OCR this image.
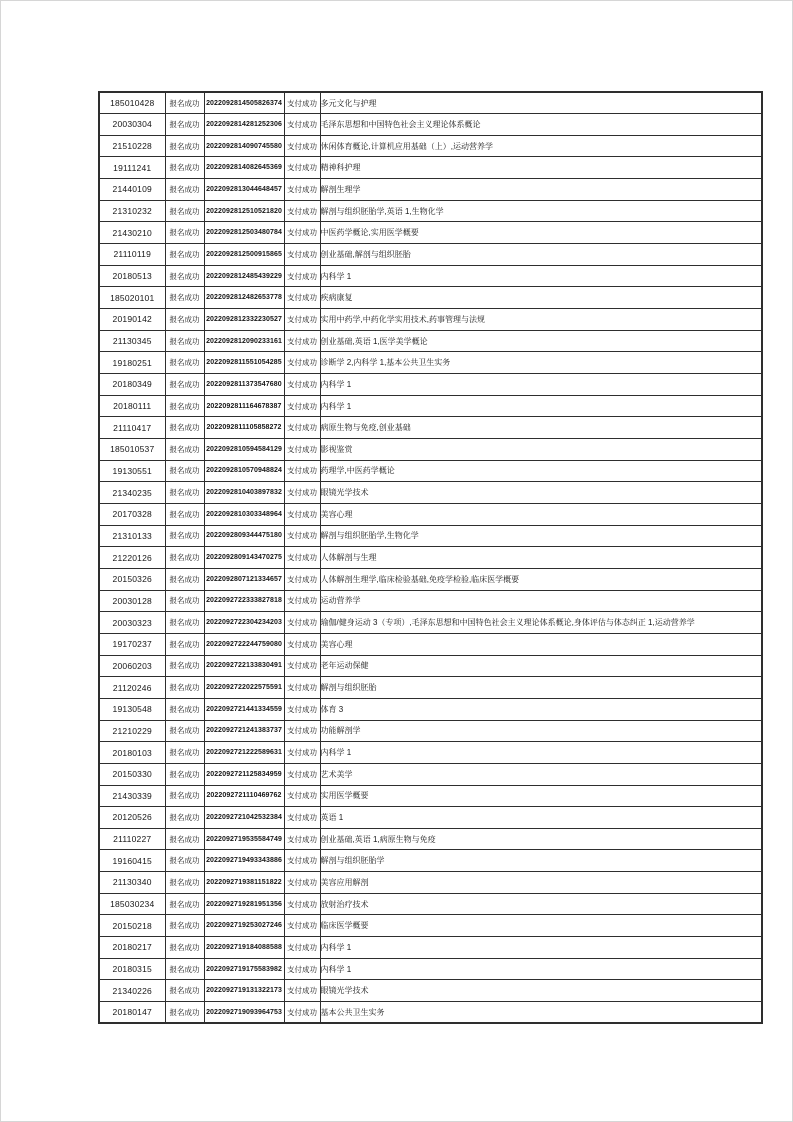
185010428	报名成功	2022092814505826374	支付成功	多元文化与护理
20030304	报名成功	2022092814281252306	支付成功	毛泽东思想和中国特色社会主义理论体系概论
21510228	报名成功	2022092814090745580	支付成功	休闲体育概论,计算机应用基础（上）,运动营养学
19111241	报名成功	2022092814082645369	支付成功	精神科护理
21440109	报名成功	2022092813044648457	支付成功	解剖生理学
21310232	报名成功	2022092812510521820	支付成功	解剖与组织胚胎学,英语 1,生物化学
21430210	报名成功	2022092812503480784	支付成功	中医药学概论,实用医学概要
21110119	报名成功	2022092812500915865	支付成功	创业基础,解剖与组织胚胎
20180513	报名成功	2022092812485439229	支付成功	内科学 1
185020101	报名成功	2022092812482653778	支付成功	疾病康复
20190142	报名成功	2022092812332230527	支付成功	实用中药学,中药化学实用技术,药事管理与法规
21130345	报名成功	2022092812090233161	支付成功	创业基础,英语 1,医学美学概论
19180251	报名成功	2022092811551054285	支付成功	诊断学 2,内科学 1,基本公共卫生实务
20180349	报名成功	2022092811373547680	支付成功	内科学 1
20180111	报名成功	2022092811164678387	支付成功	内科学 1
21110417	报名成功	2022092811105858272	支付成功	病原生物与免疫,创业基础
185010537	报名成功	2022092810594584129	支付成功	影视鉴赏
19130551	报名成功	2022092810570948824	支付成功	药理学,中医药学概论
21340235	报名成功	2022092810403897832	支付成功	眼镜光学技术
20170328	报名成功	2022092810303348964	支付成功	美容心理
21310133	报名成功	2022092809344475180	支付成功	解剖与组织胚胎学,生物化学
21220126	报名成功	2022092809143470275	支付成功	人体解剖与生理
20150326	报名成功	2022092807121334657	支付成功	人体解剖生理学,临床检验基础,免疫学检验,临床医学概要
20030128	报名成功	2022092722333827818	支付成功	运动营养学
20030323	报名成功	2022092722304234203	支付成功	瑜伽/健身运动 3（专项）,毛泽东思想和中国特色社会主义理论体系概论,身体评估与体态纠正 1,运动营养学
19170237	报名成功	2022092722244759080	支付成功	美容心理
20060203	报名成功	2022092722133830491	支付成功	老年运动保健
21120246	报名成功	2022092722022575591	支付成功	解剖与组织胚胎
19130548	报名成功	2022092721441334559	支付成功	体育 3
21210229	报名成功	2022092721241383737	支付成功	功能解剖学
20180103	报名成功	2022092721222589631	支付成功	内科学 1
20150330	报名成功	2022092721125834959	支付成功	艺术美学
21430339	报名成功	2022092721110469762	支付成功	实用医学概要
20120526	报名成功	2022092721042532384	支付成功	英语 1
21110227	报名成功	2022092719535584749	支付成功	创业基础,英语 1,病原生物与免疫
19160415	报名成功	2022092719493343886	支付成功	解剖与组织胚胎学
21130340	报名成功	2022092719381151822	支付成功	美容应用解剖
185030234	报名成功	2022092719281951356	支付成功	放射治疗技术
20150218	报名成功	2022092719253027246	支付成功	临床医学概要
20180217	报名成功	2022092719184088588	支付成功	内科学 1
20180315	报名成功	2022092719175583982	支付成功	内科学 1
21340226	报名成功	2022092719131322173	支付成功	眼镜光学技术
20180147	报名成功	2022092719093964753	支付成功	基本公共卫生实务
